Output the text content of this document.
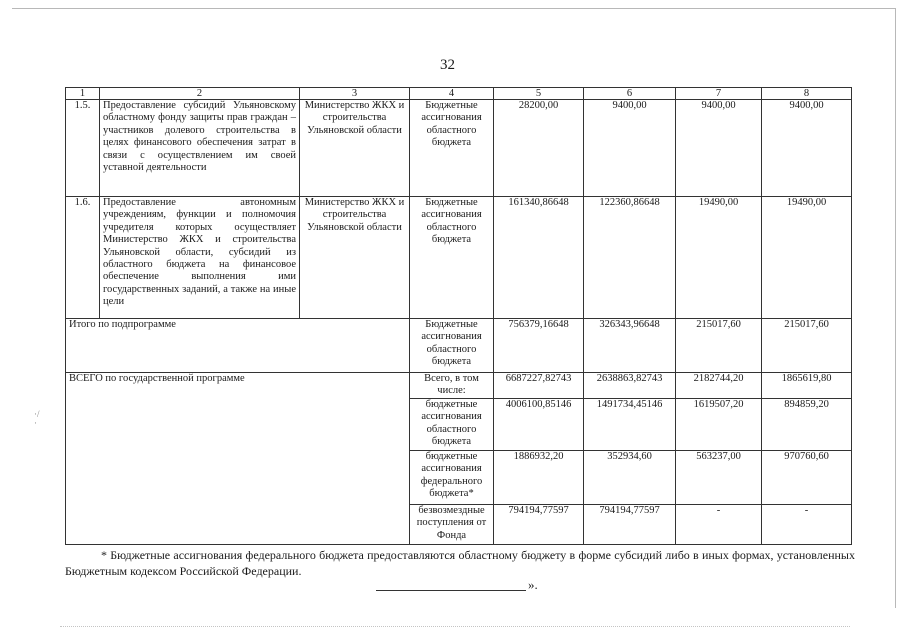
32
1	2	3	4	5	6	7	8
1.5.	Предоставление субсидий Ульяновскому областному фонду защиты прав граждан – участников долевого строительства в целях финансового обеспечения затрат в связи с осуществлением им своей уставной деятельности	Министерство ЖКХ и строительства Ульяновской области	Бюджетные ассигнования областного бюджета	28200,00	9400,00	9400,00	9400,00
1.6.	Предоставление автономным учреждениям, функции и полномочия учредителя которых осуществляет Министерство ЖКХ и строительства Ульяновской области, субсидий из областного бюджета на финансовое обеспечение выполнения ими государственных заданий, а также на иные цели	Министерство ЖКХ и строительства Ульяновской области	Бюджетные ассигнования областного бюджета	161340,86648	122360,86648	19490,00	19490,00
Итого по подпрограмме			Бюджетные ассигнования областного бюджета	756379,16648	326343,96648	215017,60	215017,60
ВСЕГО по государственной программе			Всего, в том числе:	6687227,82743	2638863,82743	2182744,20	1865619,80
			бюджетные ассигнования областного бюджета	4006100,85146	1491734,45146	1619507,20	894859,20
			бюджетные ассигнования федерального бюджета*	1886932,20	352934,60	563237,00	970760,60
			безвозмездные поступления от Фонда	794194,77597	794194,77597	-	-
* Бюджетные ассигнования федерального бюджета предоставляются областному бюджету в форме субсидий либо в иных формах, установленных Бюджетным кодексом Российской Федерации.
».
·/·
